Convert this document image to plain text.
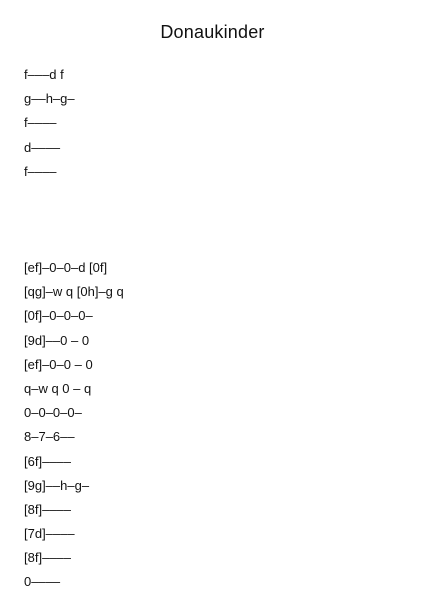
Donaukinder
f–––d f
g––h–g–
f––––
d––––
f––––
[ef]–0–0–d [0f]
[qg]–w q [0h]–g q
[0f]–0–0–0–
[9d]––0 – 0
[ef]–0–0 – 0
q–w q 0 – q
0–0–0–0–
8–7–6––
[6f]––––
[9g]––h–g–
[8f]––––
[7d]––––
[8f]––––
0––––
